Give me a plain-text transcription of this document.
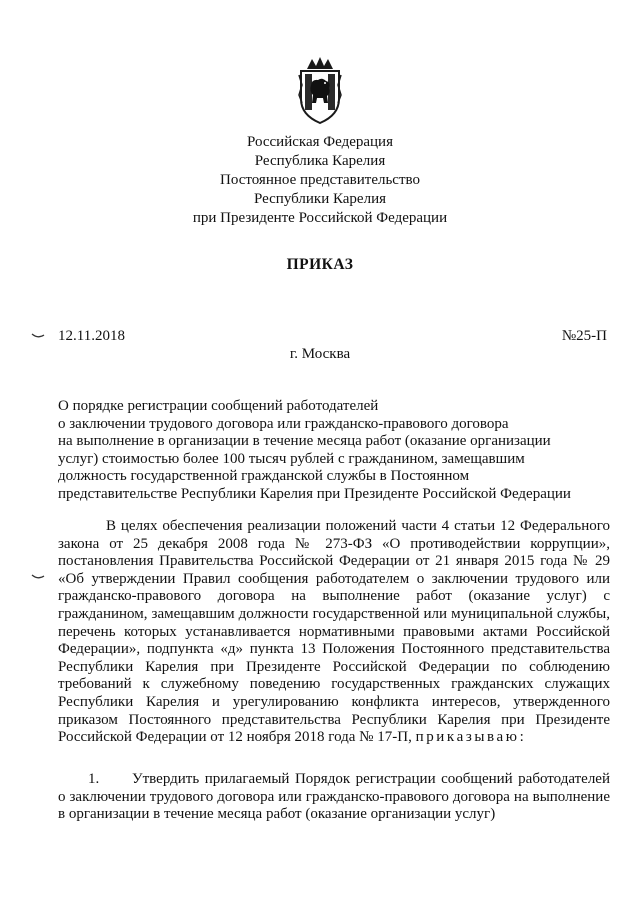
Российская Федерация
Республика Карелия
Постоянное представительство
Республики Карелия
при Президенте Российской Федерации
ПРИКАЗ
12.11.2018	№25-П
г. Москва
О порядке регистрации сообщений работодателей
о заключении трудового договора или гражданско-правового договора
на выполнение в организации в течение месяца работ (оказание организации
услуг) стоимостью более 100 тысяч рублей с гражданином, замещавшим
должность государственной гражданской службы в Постоянном
представительстве Республики Карелия при Президенте Российской Федерации
В целях обеспечения реализации положений части 4 статьи 12 Федерального закона от 25 декабря 2008 года № 273-ФЗ «О противодействии коррупции», постановления Правительства Российской Федерации от 21 января 2015 года № 29 «Об утверждении Правил сообщения работодателем о заключении трудового или гражданско-правового договора на выполнение работ (оказание услуг) с гражданином, замещавшим должности государственной или муниципальной службы, перечень которых устанавливается нормативными правовыми актами Российской Федерации», подпункта «д» пункта 13 Положения Постоянного представительства Республики Карелия при Президенте Российской Федерации по соблюдению требований к служебному поведению государственных гражданских служащих Республики Карелия и урегулированию конфликта интересов, утвержденного приказом Постоянного представительства Республики Карелия при Президенте Российской Федерации от 12 ноября 2018 года № 17-П, приказываю:
1. Утвердить прилагаемый Порядок регистрации сообщений работодателей о заключении трудового договора или гражданско-правового договора на выполнение в организации в течение месяца работ (оказание организации услуг)
